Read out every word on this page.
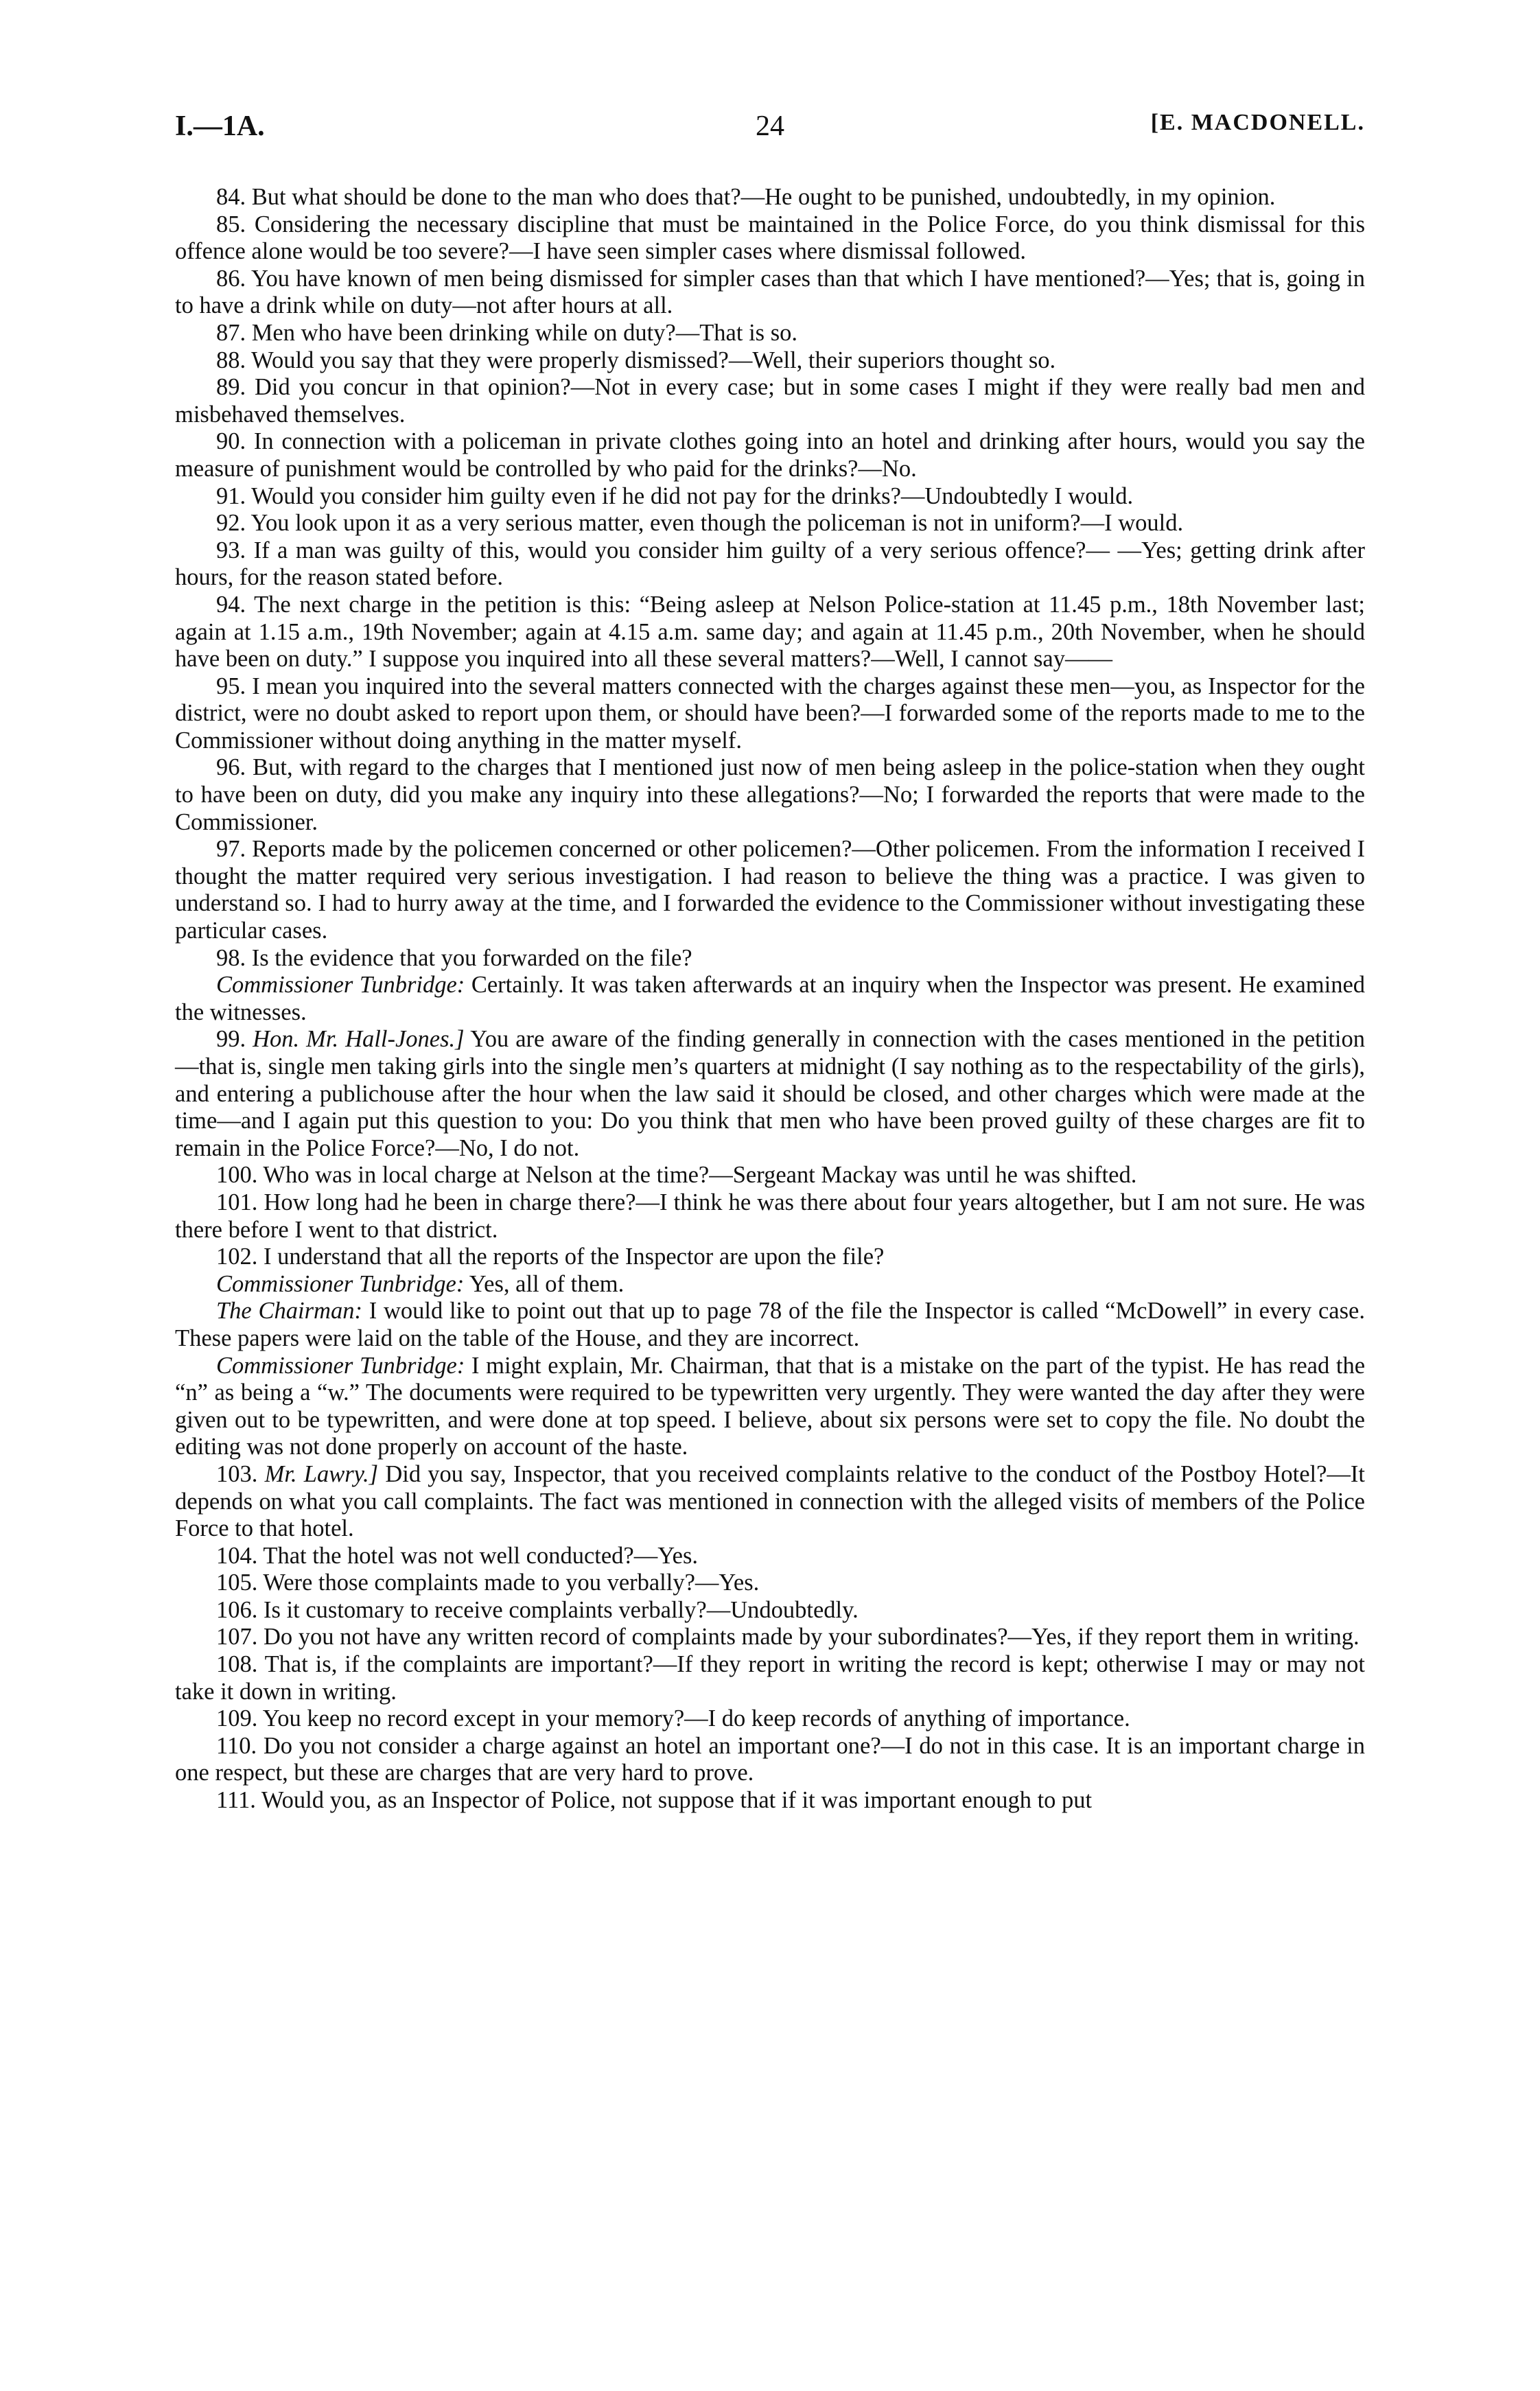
I.—1A.	24	[E. MACDONELL.

84. But what should be done to the man who does that?—He ought to be punished, undoubtedly, in my opinion.

85. Considering the necessary discipline that must be maintained in the Police Force, do you think dismissal for this offence alone would be too severe?—I have seen simpler cases where dismissal followed.

86. You have known of men being dismissed for simpler cases than that which I have mentioned?—Yes; that is, going in to have a drink while on duty—not after hours at all.

87. Men who have been drinking while on duty?—That is so.

88. Would you say that they were properly dismissed?—Well, their superiors thought so.

89. Did you concur in that opinion?—Not in every case; but in some cases I might if they were really bad men and misbehaved themselves.

90. In connection with a policeman in private clothes going into an hotel and drinking after hours, would you say the measure of punishment would be controlled by who paid for the drinks?—No.

91. Would you consider him guilty even if he did not pay for the drinks?—Undoubtedly I would.

92. You look upon it as a very serious matter, even though the policeman is not in uniform?—I would.

93. If a man was guilty of this, would you consider him guilty of a very serious offence?— —Yes; getting drink after hours, for the reason stated before.

94. The next charge in the petition is this: “Being asleep at Nelson Police-station at 11.45 p.m., 18th November last; again at 1.15 a.m., 19th November; again at 4.15 a.m. same day; and again at 11.45 p.m., 20th November, when he should have been on duty.” I suppose you inquired into all these several matters?—Well, I cannot say——

95. I mean you inquired into the several matters connected with the charges against these men—you, as Inspector for the district, were no doubt asked to report upon them, or should have been?—I forwarded some of the reports made to me to the Commissioner without doing anything in the matter myself.

96. But, with regard to the charges that I mentioned just now of men being asleep in the police-station when they ought to have been on duty, did you make any inquiry into these allegations?—No; I forwarded the reports that were made to the Commissioner.

97. Reports made by the policemen concerned or other policemen?—Other policemen. From the information I received I thought the matter required very serious investigation. I had reason to believe the thing was a practice. I was given to understand so. I had to hurry away at the time, and I forwarded the evidence to the Commissioner without investigating these particular cases.

98. Is the evidence that you forwarded on the file?

Commissioner Tunbridge: Certainly. It was taken afterwards at an inquiry when the Inspector was present. He examined the witnesses.

99. Hon. Mr. Hall-Jones.] You are aware of the finding generally in connection with the cases mentioned in the petition—that is, single men taking girls into the single men’s quarters at midnight (I say nothing as to the respectability of the girls), and entering a publichouse after the hour when the law said it should be closed, and other charges which were made at the time—and I again put this question to you: Do you think that men who have been proved guilty of these charges are fit to remain in the Police Force?—No, I do not.

100. Who was in local charge at Nelson at the time?—Sergeant Mackay was until he was shifted.

101. How long had he been in charge there?—I think he was there about four years altogether, but I am not sure. He was there before I went to that district.

102. I understand that all the reports of the Inspector are upon the file?

Commissioner Tunbridge: Yes, all of them.

The Chairman: I would like to point out that up to page 78 of the file the Inspector is called “McDowell” in every case. These papers were laid on the table of the House, and they are incorrect.

Commissioner Tunbridge: I might explain, Mr. Chairman, that that is a mistake on the part of the typist. He has read the “n” as being a “w.” The documents were required to be typewritten very urgently. They were wanted the day after they were given out to be typewritten, and were done at top speed. I believe, about six persons were set to copy the file. No doubt the editing was not done properly on account of the haste.

103. Mr. Lawry.] Did you say, Inspector, that you received complaints relative to the conduct of the Postboy Hotel?—It depends on what you call complaints. The fact was mentioned in connection with the alleged visits of members of the Police Force to that hotel.

104. That the hotel was not well conducted?—Yes.

105. Were those complaints made to you verbally?—Yes.

106. Is it customary to receive complaints verbally?—Undoubtedly.

107. Do you not have any written record of complaints made by your subordinates?—Yes, if they report them in writing.

108. That is, if the complaints are important?—If they report in writing the record is kept; otherwise I may or may not take it down in writing.

109. You keep no record except in your memory?—I do keep records of anything of importance.

110. Do you not consider a charge against an hotel an important one?—I do not in this case. It is an important charge in one respect, but these are charges that are very hard to prove.

111. Would you, as an Inspector of Police, not suppose that if it was important enough to put
